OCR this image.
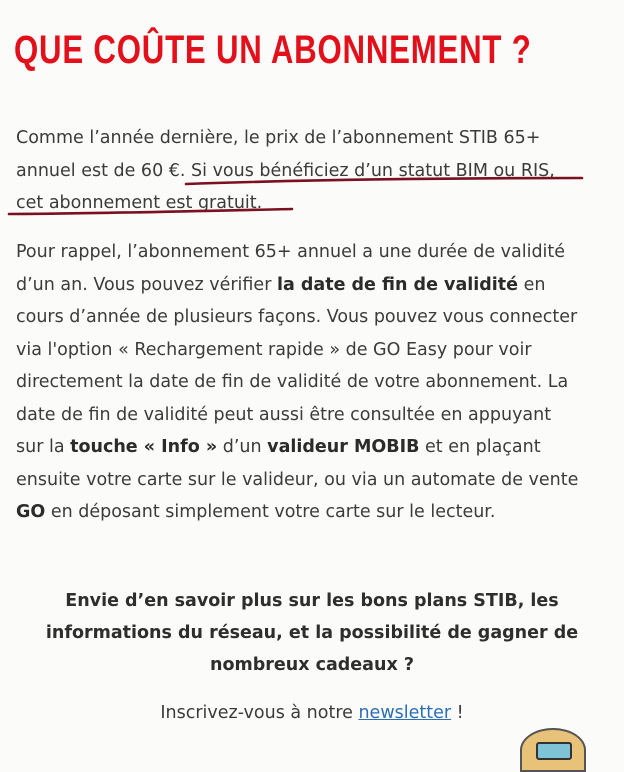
QUE COÛTE UN ABONNEMENT ?

Comme l’année dernière, le prix de l’abonnement STIB 65+
annuel est de 60 €. Si vous bénéficiez d’un statut BIM ou RIS,
cet abonnement est gratuit.

Pour rappel, l’abonnement 65+ annuel a une durée de validité
d’un an. Vous pouvez vérifier la date de fin de validité en
cours d’année de plusieurs façons. Vous pouvez vous connecter
via l'option « Rechargement rapide » de GO Easy pour voir
directement la date de fin de validité de votre abonnement. La
date de fin de validité peut aussi être consultée en appuyant
sur la touche « Info » d’un valideur MOBIB et en plaçant
ensuite votre carte sur le valideur, ou via un automate de vente
GO en déposant simplement votre carte sur le lecteur.

Envie d’en savoir plus sur les bons plans STIB, les
informations du réseau, et la possibilité de gagner de
nombreux cadeaux ?

Inscrivez-vous à notre newsletter !
